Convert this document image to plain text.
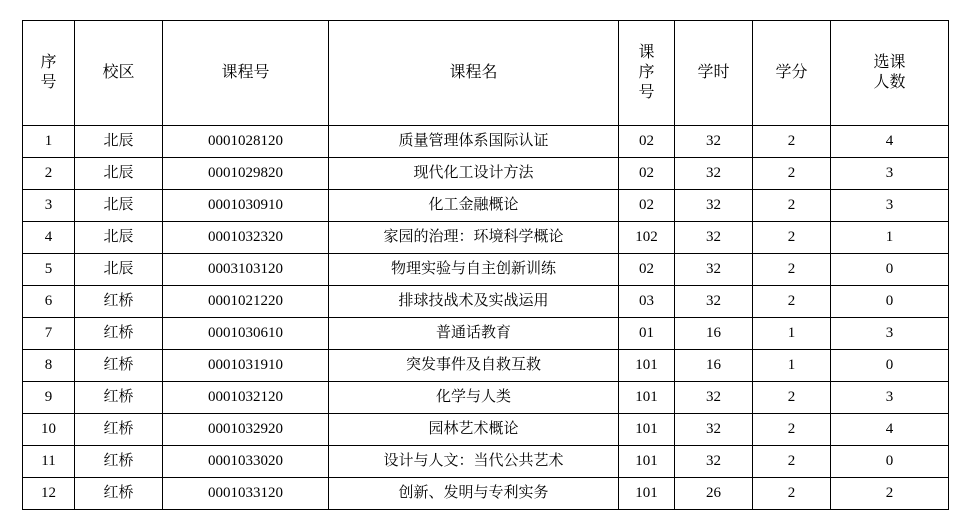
序号	校区	课程号	课程名	课序号	学时	学分	选课人数
1	北辰	0001028120	质量管理体系国际认证	02	32	2	4
2	北辰	0001029820	现代化工设计方法	02	32	2	3
3	北辰	0001030910	化工金融概论	02	32	2	3
4	北辰	0001032320	家园的治理：环境科学概论	102	32	2	1
5	北辰	0003103120	物理实验与自主创新训练	02	32	2	0
6	红桥	0001021220	排球技战术及实战运用	03	32	2	0
7	红桥	0001030610	普通话教育	01	16	1	3
8	红桥	0001031910	突发事件及自救互救	101	16	1	0
9	红桥	0001032120	化学与人类	101	32	2	3
10	红桥	0001032920	园林艺术概论	101	32	2	4
11	红桥	0001033020	设计与人文：当代公共艺术	101	32	2	0
12	红桥	0001033120	创新、发明与专利实务	101	26	2	2
